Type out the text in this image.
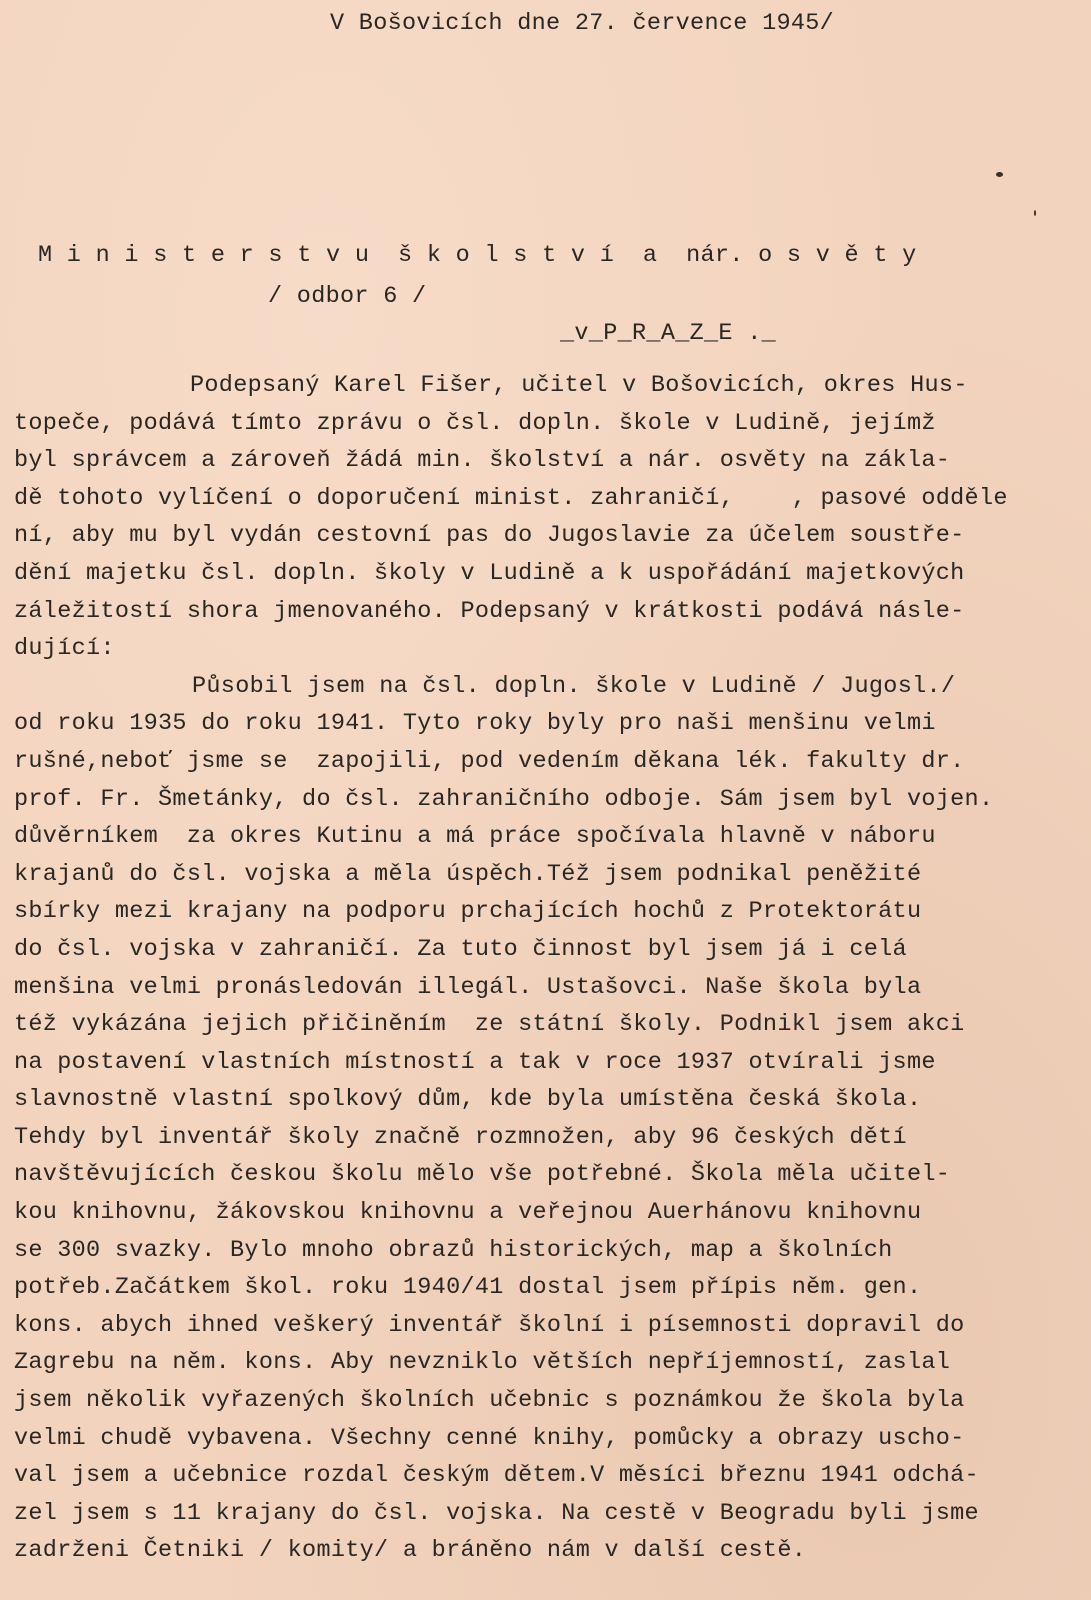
V Bošovicích dne 27. července 1945/
M i n i s t e r s t v u  š k o l s t v í  a  nár. o s v ě t y
/ odbor 6 /
_v_P_R_A_Z_E ._
Podepsaný Karel Fišer, učitel v Bošovicích, okres Hus-
topeče, podává tímto zprávu o čsl. dopln. škole v Ludině, jejímž
byl správcem a zároveň žádá min. školství a nár. osvěty na zákla-
dě tohoto vylíčení o doporučení minist. zahraničí,    , pasové odděle
ní, aby mu byl vydán cestovní pas do Jugoslavie za účelem soustře-
dění majetku čsl. dopln. školy v Ludině a k uspořádání majetkových
záležitostí shora jmenovaného. Podepsaný v krátkosti podává násle-
dující:
Působil jsem na čsl. dopln. škole v Ludině / Jugosl./
od roku 1935 do roku 1941. Tyto roky byly pro naši menšinu velmi
rušné,neboť jsme se  zapojili, pod vedením děkana lék. fakulty dr.
prof. Fr. Šmetánky, do čsl. zahraničního odboje. Sám jsem byl vojen.
důvěrníkem  za okres Kutinu a má práce spočívala hlavně v náboru
krajanů do čsl. vojska a měla úspěch.Též jsem podnikal peněžité
sbírky mezi krajany na podporu prchajících hochů z Protektorátu
do čsl. vojska v zahraničí. Za tuto činnost byl jsem já i celá
menšina velmi pronásledován illegál. Ustašovci. Naše škola byla
též vykázána jejich přičiněním  ze státní školy. Podnikl jsem akci
na postavení vlastních místností a tak v roce 1937 otvírali jsme
slavnostně vlastní spolkový dům, kde byla umístěna česká škola.
Tehdy byl inventář školy značně rozmnožen, aby 96 českých dětí
navštěvujících českou školu mělo vše potřebné. Škola měla učitel-
kou knihovnu, žákovskou knihovnu a veřejnou Auerhánovu knihovnu
se 300 svazky. Bylo mnoho obrazů historických, map a školních
potřeb.Začátkem škol. roku 1940/41 dostal jsem přípis něm. gen.
kons. abych ihned veškerý inventář školní i písemnosti dopravil do
Zagrebu na něm. kons. Aby nevzniklo větších nepříjemností, zaslal
jsem několik vyřazených školních učebnic s poznámkou že škola byla
velmi chudě vybavena. Všechny cenné knihy, pomůcky a obrazy uscho-
val jsem a učebnice rozdal českým dětem.V měsíci březnu 1941 odchá-
zel jsem s 11 krajany do čsl. vojska. Na cestě v Beogradu byli jsme
zadrženi Četniki / komity/ a bráněno nám v další cestě.
